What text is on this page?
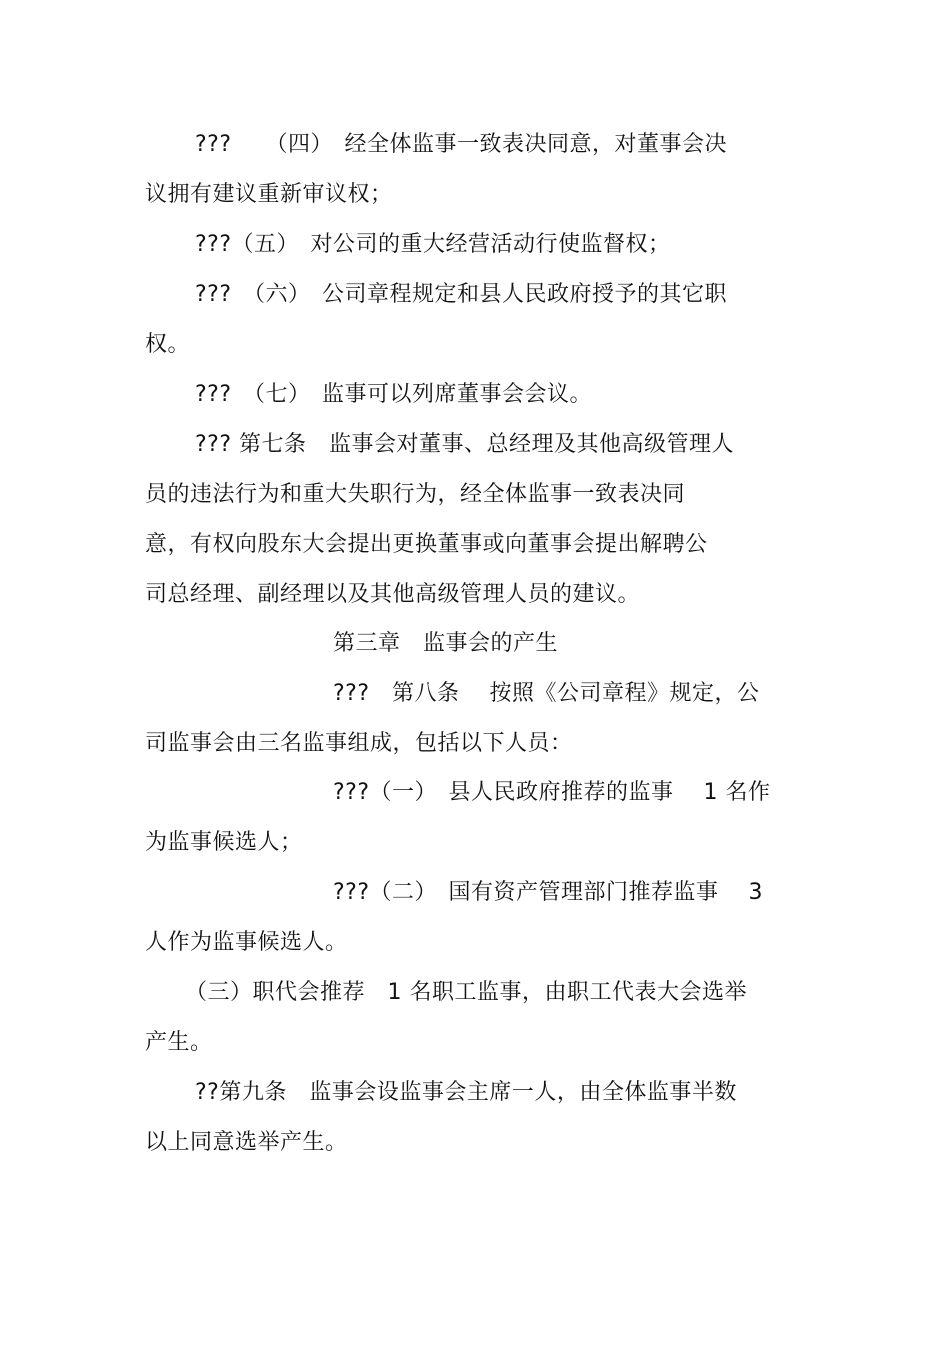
???　　（四）　经全体监事一致表决同意，对董事会决
议拥有建议重新审议权；
???（五）　对公司的重大经营活动行使监督权；
???　（六）　公司章程规定和县人民政府授予的其它职
权。
???　（七）　监事可以列席董事会会议。
??? 第七条　监事会对董事、总经理及其他高级管理人
员的违法行为和重大失职行为，经全体监事一致表决同
意，有权向股东大会提出更换董事或向董事会提出解聘公
司总经理、副经理以及其他高级管理人员的建议。
第三章　监事会的产生
???　第八条　 按照《公司章程》规定，公
司监事会由三名监事组成，包括以下人员：
???（一）　县人民政府推荐的监事　 1 名作
为监事候选人；
???（二）　国有资产管理部门推荐监事　 3
人作为监事候选人。
（三）职代会推荐　1 名职工监事，由职工代表大会选举
产生。
??第九条　监事会设监事会主席一人，由全体监事半数
以上同意选举产生。
